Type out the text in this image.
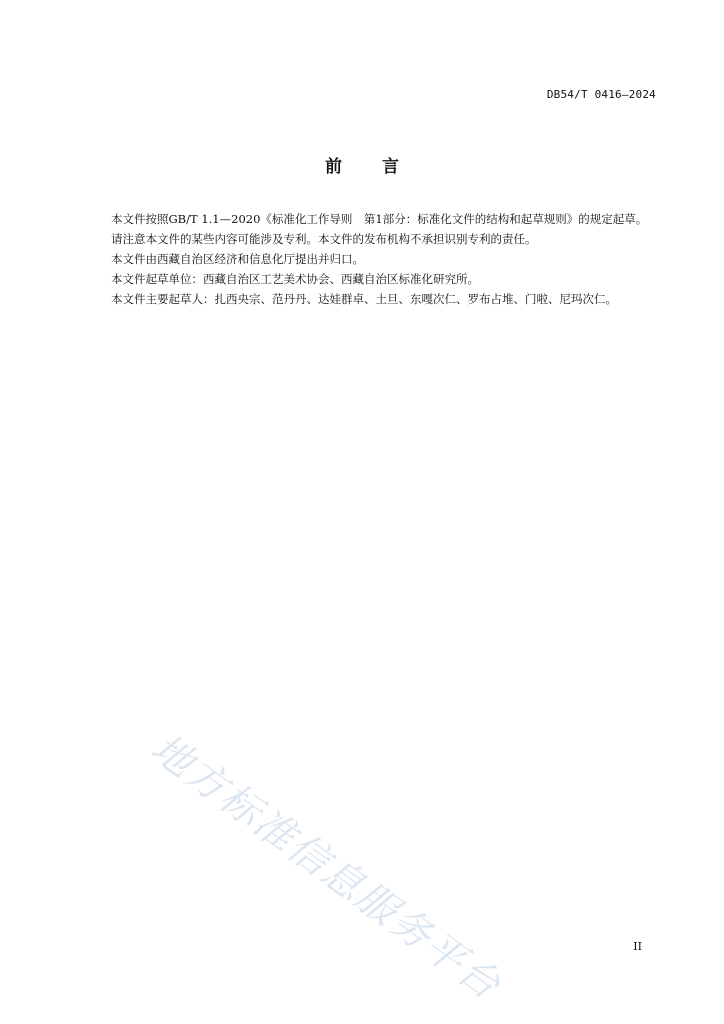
DB54/T 0416—2024
前 言

本文件按照GB/T 1.1—2020《标准化工作导则　第1部分：标准化文件的结构和起草规则》的规定起草。

请注意本文件的某些内容可能涉及专利。本文件的发布机构不承担识别专利的责任。

本文件由西藏自治区经济和信息化厅提出并归口。

本文件起草单位：西藏自治区工艺美术协会、西藏自治区标准化研究所。

本文件主要起草人：扎西央宗、范丹丹、达娃群卓、土旦、东嘎次仁、罗布占堆、门啦、尼玛次仁。

地方标准信息服务平台	II
